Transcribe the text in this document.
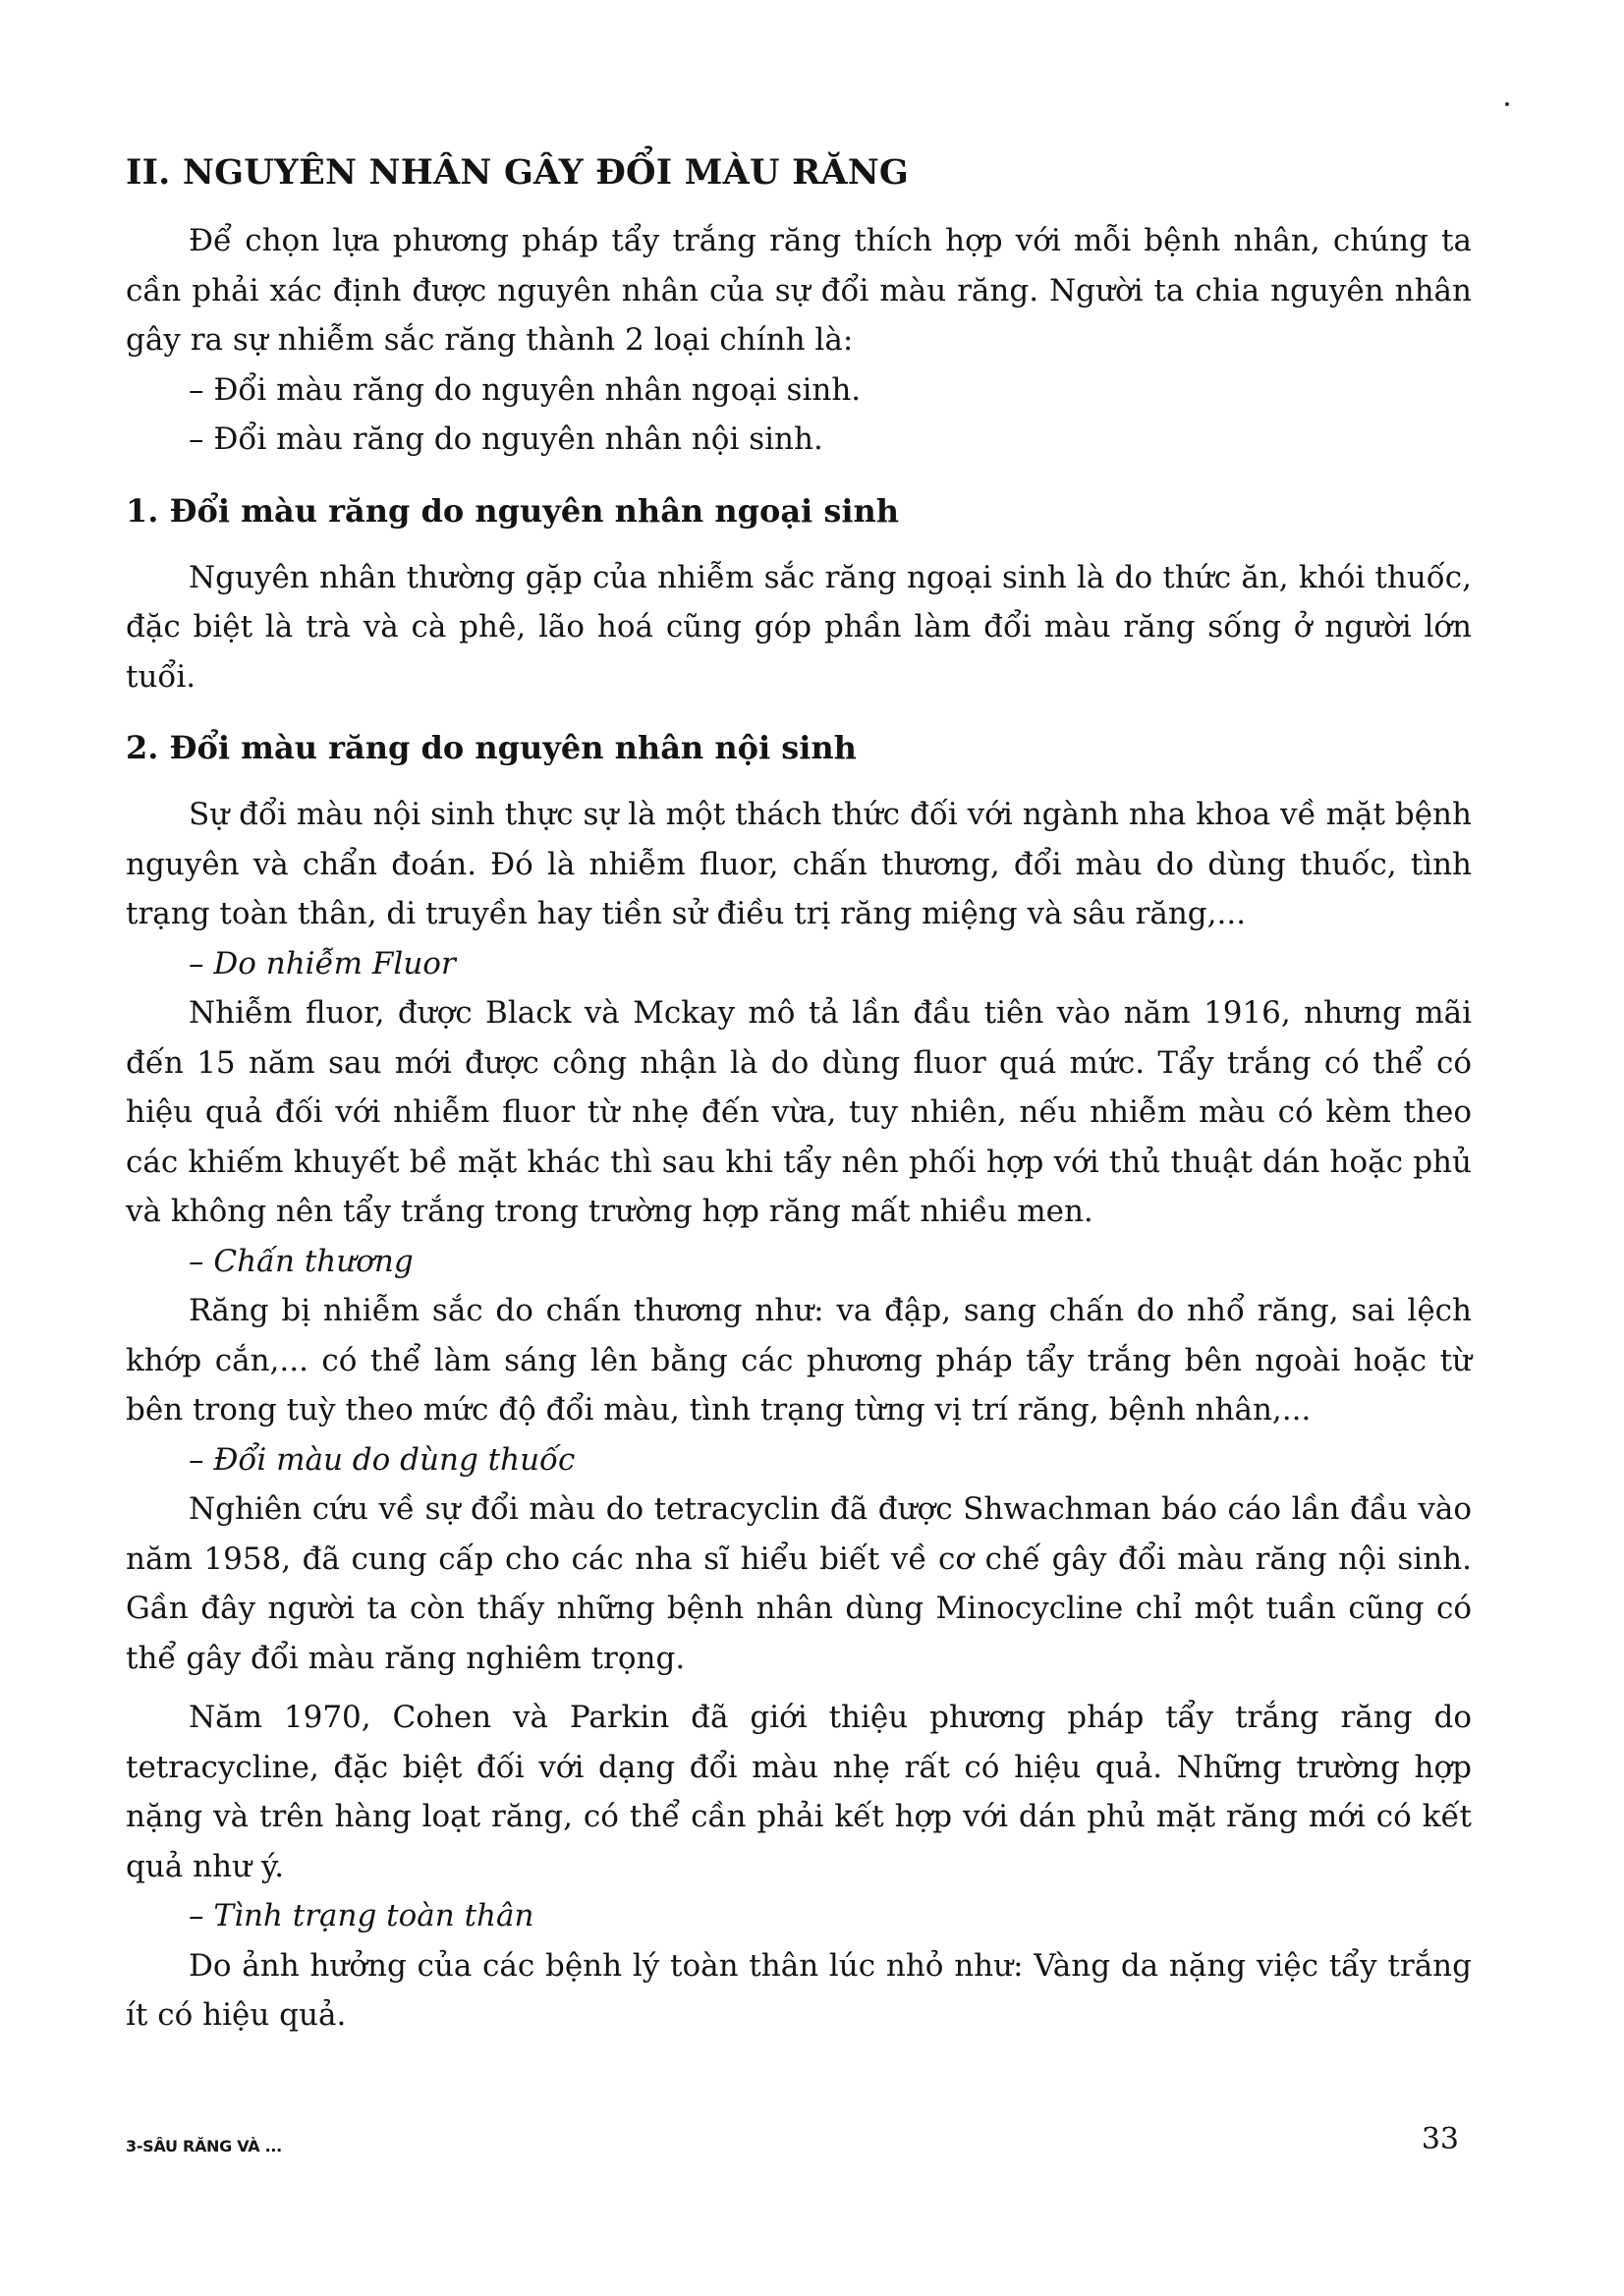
II. NGUYÊN NHÂN GÂY ĐỔI MÀU RĂNG

Để chọn lựa phương pháp tẩy trắng răng thích hợp với mỗi bệnh nhân, chúng ta cần phải xác định được nguyên nhân của sự đổi màu răng. Người ta chia nguyên nhân gây ra sự nhiễm sắc răng thành 2 loại chính là:

– Đổi màu răng do nguyên nhân ngoại sinh.

– Đổi màu răng do nguyên nhân nội sinh.

1. Đổi màu răng do nguyên nhân ngoại sinh

Nguyên nhân thường gặp của nhiễm sắc răng ngoại sinh là do thức ăn, khói thuốc, đặc biệt là trà và cà phê, lão hoá cũng góp phần làm đổi màu răng sống ở người lớn tuổi.

2. Đổi màu răng do nguyên nhân nội sinh

Sự đổi màu nội sinh thực sự là một thách thức đối với ngành nha khoa về mặt bệnh nguyên và chẩn đoán. Đó là nhiễm fluor, chấn thương, đổi màu do dùng thuốc, tình trạng toàn thân, di truyền hay tiền sử điều trị răng miệng và sâu răng,...

– Do nhiễm Fluor

Nhiễm fluor, được Black và Mckay mô tả lần đầu tiên vào năm 1916, nhưng mãi đến 15 năm sau mới được công nhận là do dùng fluor quá mức. Tẩy trắng có thể có hiệu quả đối với nhiễm fluor từ nhẹ đến vừa, tuy nhiên, nếu nhiễm màu có kèm theo các khiếm khuyết bề mặt khác thì sau khi tẩy nên phối hợp với thủ thuật dán hoặc phủ và không nên tẩy trắng trong trường hợp răng mất nhiều men.

– Chấn thương

Răng bị nhiễm sắc do chấn thương như: va đập, sang chấn do nhổ răng, sai lệch khớp cắn,... có thể làm sáng lên bằng các phương pháp tẩy trắng bên ngoài hoặc từ bên trong tuỳ theo mức độ đổi màu, tình trạng từng vị trí răng, bệnh nhân,...

– Đổi màu do dùng thuốc

Nghiên cứu về sự đổi màu do tetracyclin đã được Shwachman báo cáo lần đầu vào năm 1958, đã cung cấp cho các nha sĩ hiểu biết về cơ chế gây đổi màu răng nội sinh. Gần đây người ta còn thấy những bệnh nhân dùng Minocycline chỉ một tuần cũng có thể gây đổi màu răng nghiêm trọng.

Năm 1970, Cohen và Parkin đã giới thiệu phương pháp tẩy trắng răng do tetracycline, đặc biệt đối với dạng đổi màu nhẹ rất có hiệu quả. Những trường hợp nặng và trên hàng loạt răng, có thể cần phải kết hợp với dán phủ mặt răng mới có kết quả như ý.

– Tình trạng toàn thân

Do ảnh hưởng của các bệnh lý toàn thân lúc nhỏ như: Vàng da nặng việc tẩy trắng ít có hiệu quả.

3-SÂU RĂNG VÀ ...	33
